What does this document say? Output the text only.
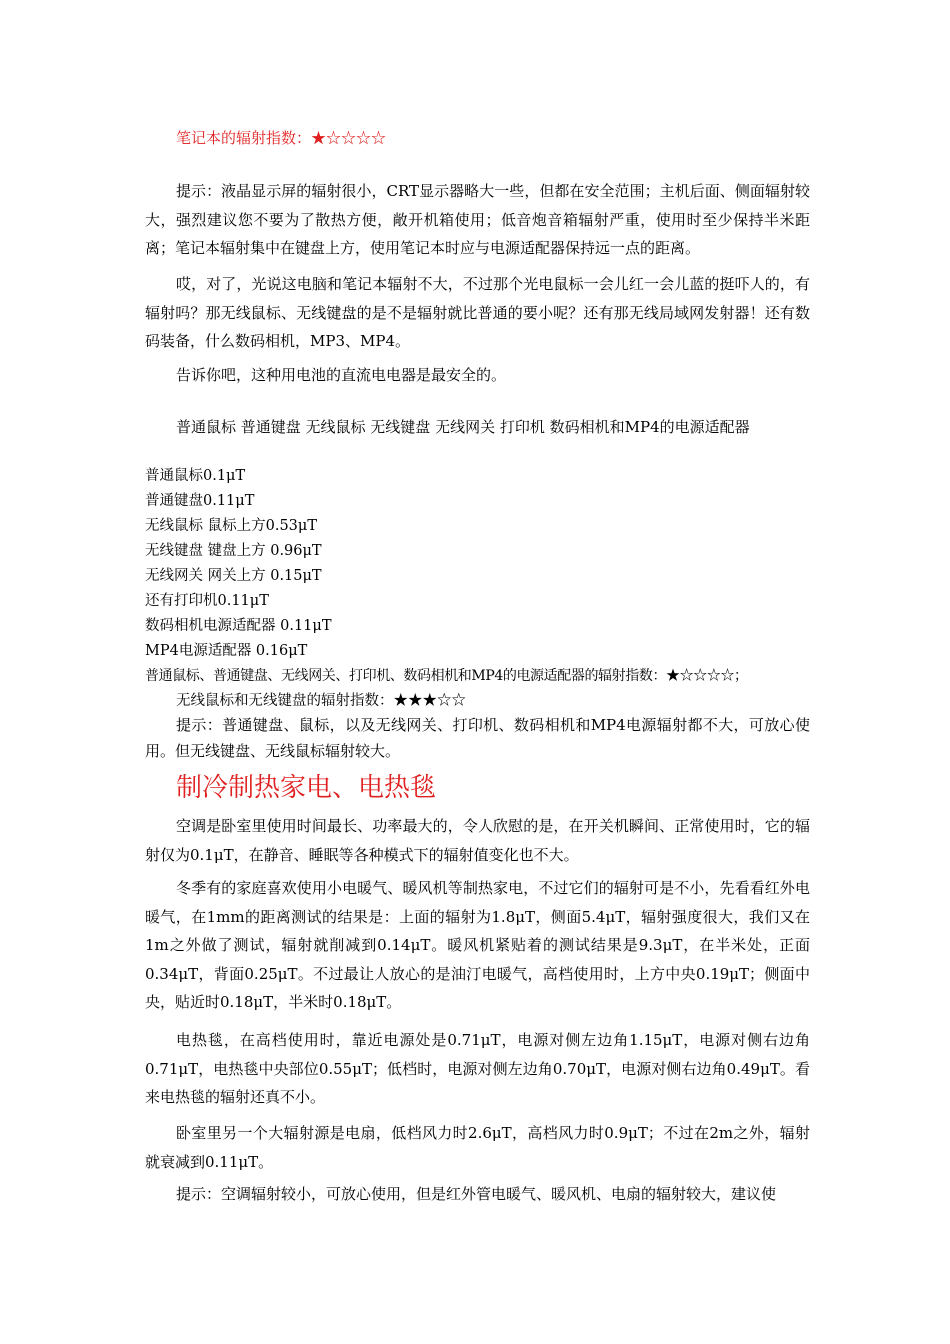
笔记本的辐射指数：★☆☆☆☆

提示：液晶显示屏的辐射很小，CRT显示器略大一些，但都在安全范围；主机后面、侧面辐射较大，强烈建议您不要为了散热方便，敞开机箱使用；低音炮音箱辐射严重，使用时至少保持半米距离；笔记本辐射集中在键盘上方，使用笔记本时应与电源适配器保持远一点的距离。

哎，对了，光说这电脑和笔记本辐射不大，不过那个光电鼠标一会儿红一会儿蓝的挺吓人的，有辐射吗？那无线鼠标、无线键盘的是不是辐射就比普通的要小呢？还有那无线局域网发射器！还有数码装备，什么数码相机，MP3、MP4。

告诉你吧，这种用电池的直流电电器是最安全的。

普通鼠标 普通键盘 无线鼠标 无线键盘 无线网关 打印机 数码相机和MP4的电源适配器

普通鼠标0.1μT

普通键盘0.11μT

无线鼠标 鼠标上方0.53μT

无线键盘 键盘上方 0.96μT

无线网关 网关上方 0.15μT

还有打印机0.11μT

数码相机电源适配器 0.11μT

MP4电源适配器 0.16μT

普通鼠标、普通键盘、无线网关、打印机、数码相机和MP4的电源适配器的辐射指数：★☆☆☆☆；

无线鼠标和无线键盘的辐射指数：★★★☆☆

提示：普通键盘、鼠标，以及无线网关、打印机、数码相机和MP4电源辐射都不大，可放心使用。但无线键盘、无线鼠标辐射较大。

制冷制热家电、电热毯

空调是卧室里使用时间最长、功率最大的，令人欣慰的是，在开关机瞬间、正常使用时，它的辐射仅为0.1μT，在静音、睡眠等各种模式下的辐射值变化也不大。

冬季有的家庭喜欢使用小电暖气、暖风机等制热家电，不过它们的辐射可是不小，先看看红外电暖气，在1mm的距离测试的结果是：上面的辐射为1.8μT，侧面5.4μT，辐射强度很大，我们又在1m之外做了测试，辐射就削减到0.14μT。暖风机紧贴着的测试结果是9.3μT，在半米处，正面0.34μT，背面0.25μT。不过最让人放心的是油汀电暖气，高档使用时，上方中央0.19μT；侧面中央，贴近时0.18μT，半米时0.18μT。

电热毯，在高档使用时，靠近电源处是0.71μT，电源对侧左边角1.15μT，电源对侧右边角0.71μT，电热毯中央部位0.55μT；低档时，电源对侧左边角0.70μT，电源对侧右边角0.49μT。看来电热毯的辐射还真不小。

卧室里另一个大辐射源是电扇，低档风力时2.6μT，高档风力时0.9μT；不过在2m之外，辐射就衰减到0.11μT。

提示：空调辐射较小，可放心使用，但是红外管电暖气、暖风机、电扇的辐射较大，建议使
